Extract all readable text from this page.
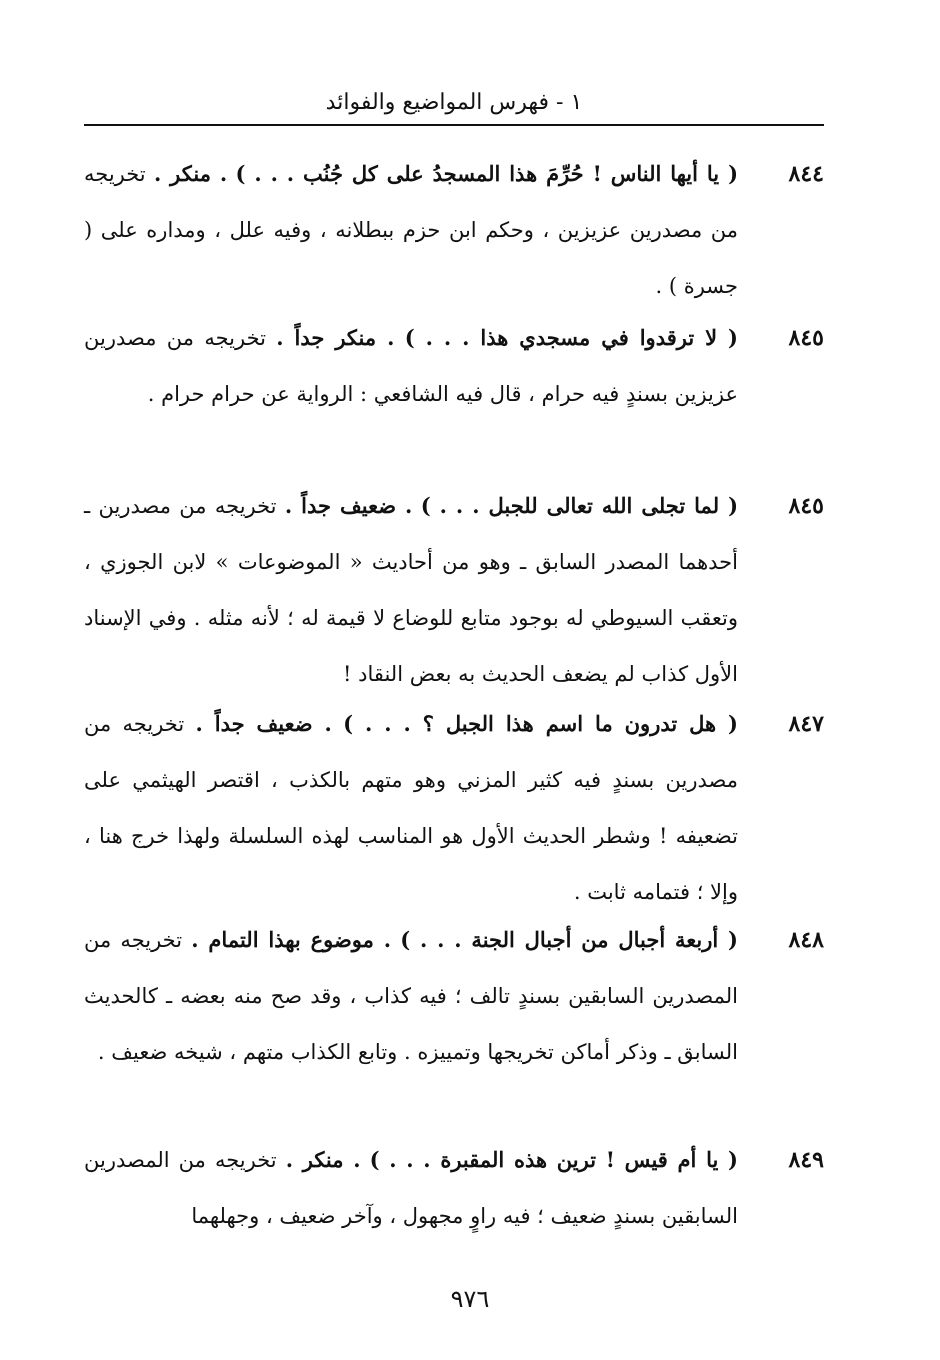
١ - فهرس المواضيع والفوائد
٨٤٤
( يا أيها الناس ! حُرِّمَ هذا المسجدُ على كل جُنُب . . . ) . منكر . تخريجه من مصدرين عزيزين ، وحكم ابن حزم ببطلانه ، وفيه علل ، ومداره على ( جسرة ) .
٨٤٥
( لا ترقدوا في مسجدي هذا . . . ) . منكر جداً . تخريجه من مصدرين عزيزين بسندٍ فيه حرام ، قال فيه الشافعي : الرواية عن حرام حرام .
٨٤٥
( لما تجلى الله تعالى للجبل . . . ) . ضعيف جداً . تخريجه من مصدرين ـ أحدهما المصدر السابق ـ وهو من أحاديث « الموضوعات » لابن الجوزي ، وتعقب السيوطي له بوجود متابع للوضاع لا قيمة له ؛ لأنه مثله . وفي الإسناد الأول كذاب لم يضعف الحديث به بعض النقاد !
٨٤٧
( هل تدرون ما اسم هذا الجبل ؟ . . . ) . ضعيف جداً . تخريجه من مصدرين بسندٍ فيه كثير المزني وهو متهم بالكذب ، اقتصر الهيثمي على تضعيفه ! وشطر الحديث الأول هو المناسب لهذه السلسلة ولهذا خرج هنا ، وإلا ؛ فتمامه ثابت .
٨٤٨
( أربعة أجبال من أجبال الجنة . . . ) . موضوع بهذا التمام . تخريجه من المصدرين السابقين بسندٍ تالف ؛ فيه كذاب ، وقد صح منه بعضه ـ كالحديث السابق ـ وذكر أماكن تخريجها وتمييزه . وتابع الكذاب متهم ، شيخه ضعيف .
٨٤٩
( يا أم قيس ! ترين هذه المقبرة . . . ) . منكر . تخريجه من المصدرين السابقين بسندٍ ضعيف ؛ فيه راوٍ مجهول ، وآخر ضعيف ، وجهلهما
٩٧٦
